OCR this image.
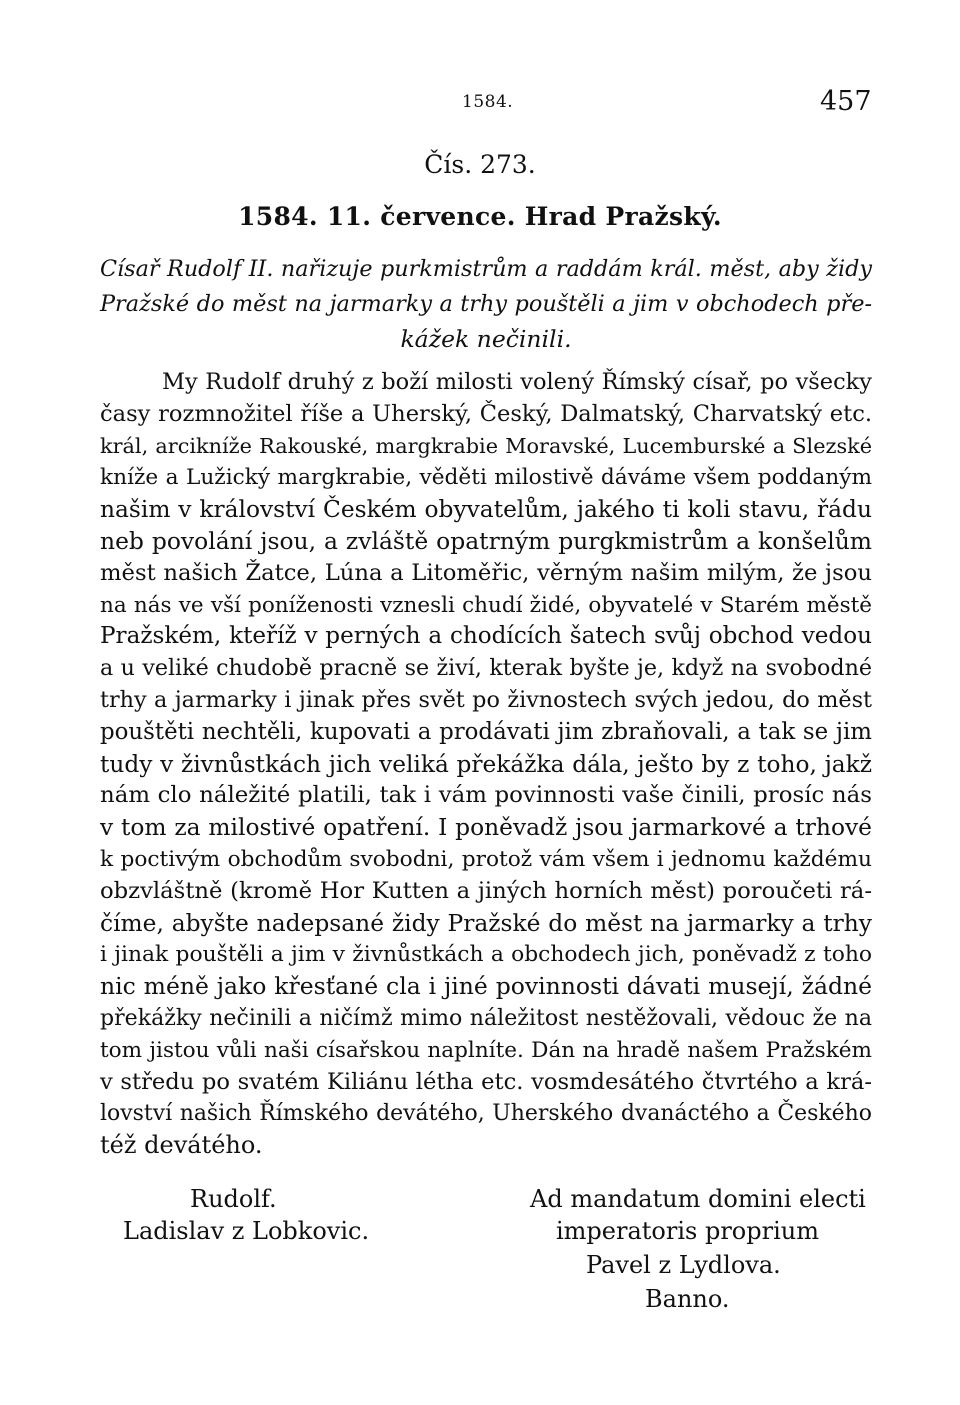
1584.	457
Čís. 273.
1584. 11. července. Hrad Pražský.
Císař Rudolf II. nařizuje purkmistrům a raddám král. měst, aby židy
Pražské do měst na jarmarky a trhy pouštěli a jim v obchodech pře-
kážek nečinili.
My Rudolf druhý z boží milosti volený Římský císař, po všecky
časy rozmnožitel říše a Uherský, Český, Dalmatský, Charvatský etc.
král, arcikníže Rakouské, margkrabie Moravské, Lucemburské a Slezské
kníže a Lužický margkrabie, věděti milostivě dáváme všem poddaným
našim v království Českém obyvatelům, jakého ti koli stavu, řádu
neb povolání jsou, a zvláště opatrným purgkmistrům a konšelům
měst našich Žatce, Lúna a Litoměřic, věrným našim milým, že jsou
na nás ve vší poníženosti vznesli chudí židé, obyvatelé v Starém městě
Pražském, kteříž v perných a chodících šatech svůj obchod vedou
a u veliké chudobě pracně se živí, kterak byšte je, když na svobodné
trhy a jarmarky i jinak přes svět po živnostech svých jedou, do měst
pouštěti nechtěli, kupovati a prodávati jim zbraňovali, a tak se jim
tudy v živnůstkách jich veliká překážka dála, ješto by z toho, jakž
nám clo náležité platili, tak i vám povinnosti vaše činili, prosíc nás
v tom za milostivé opatření. I poněvadž jsou jarmarkové a trhové
k poctivým obchodům svobodni, protož vám všem i jednomu každému
obzvláštně (kromě Hor Kutten a jiných horních měst) poroučeti rá-
číme, abyšte nadepsané židy Pražské do měst na jarmarky a trhy
i jinak pouštěli a jim v živnůstkách a obchodech jich, poněvadž z toho
nic méně jako křesťané cla i jiné povinnosti dávati musejí, žádné
překážky nečinili a ničímž mimo náležitost nestěžovali, vědouc že na
tom jistou vůli naši císařskou naplníte. Dán na hradě našem Pražském
v středu po svatém Kiliánu létha etc. vosmdesátého čtvrtého a krá-
lovství našich Římského devátého, Uherského dvanáctého a Českého
též devátého.
Rudolf.
Ladislav z Lobkovic.
Ad mandatum domini electi
imperatoris proprium
Pavel z Lydlova.
Banno.
